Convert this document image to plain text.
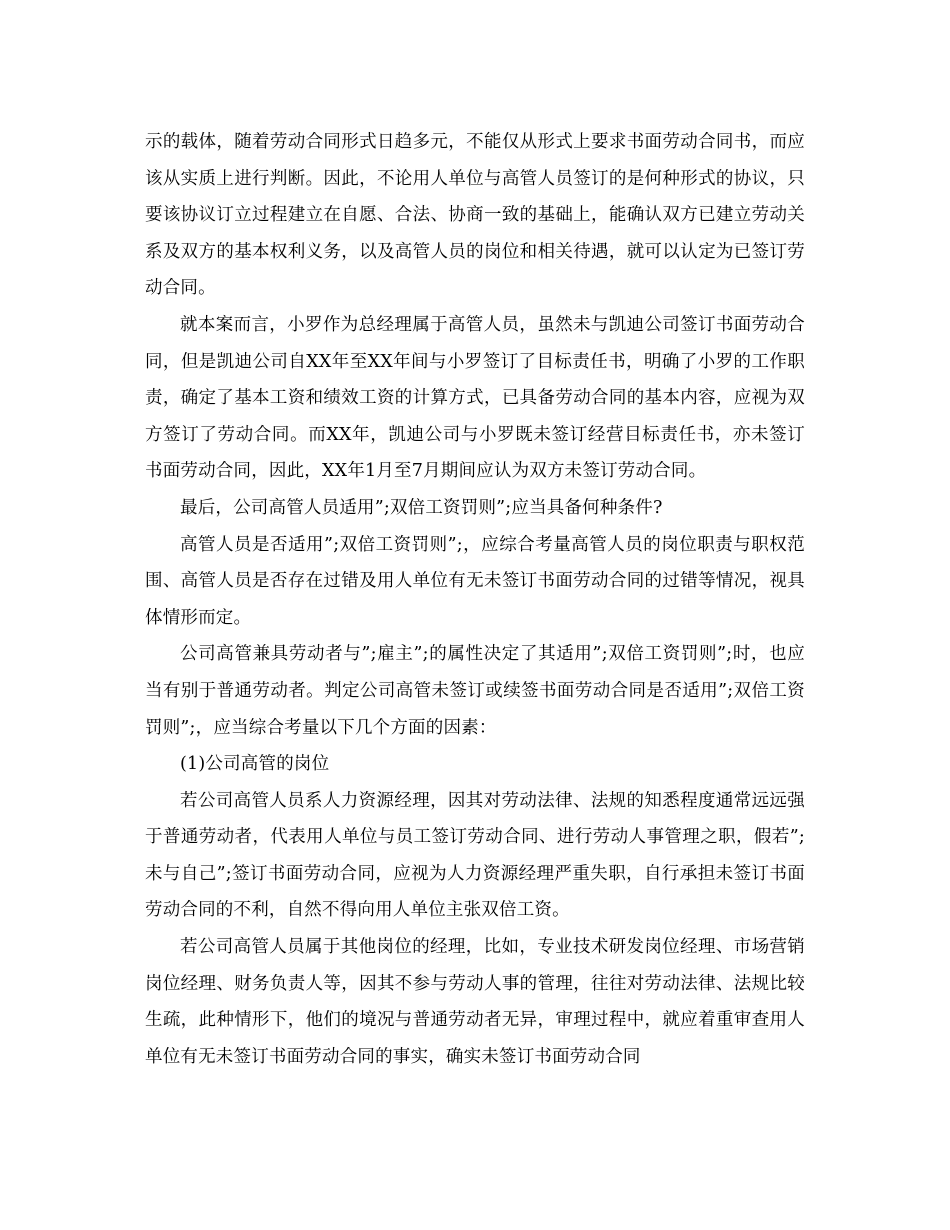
示的载体，随着劳动合同形式日趋多元，不能仅从形式上要求书面劳动合同书，而应该从实质上进行判断。因此，不论用人单位与高管人员签订的是何种形式的协议，只要该协议订立过程建立在自愿、合法、协商一致的基础上，能确认双方已建立劳动关系及双方的基本权利义务，以及高管人员的岗位和相关待遇，就可以认定为已签订劳动合同。

就本案而言，小罗作为总经理属于高管人员，虽然未与凯迪公司签订书面劳动合同，但是凯迪公司自XX年至XX年间与小罗签订了目标责任书，明确了小罗的工作职责，确定了基本工资和绩效工资的计算方式，已具备劳动合同的基本内容，应视为双方签订了劳动合同。而XX年，凯迪公司与小罗既未签订经营目标责任书，亦未签订书面劳动合同，因此，XX年1月至7月期间应认为双方未签订劳动合同。

最后，公司高管人员适用”;双倍工资罚则”;应当具备何种条件?

高管人员是否适用”;双倍工资罚则”;，应综合考量高管人员的岗位职责与职权范围、高管人员是否存在过错及用人单位有无未签订书面劳动合同的过错等情况，视具体情形而定。

公司高管兼具劳动者与”;雇主”;的属性决定了其适用”;双倍工资罚则”;时，也应当有别于普通劳动者。判定公司高管未签订或续签书面劳动合同是否适用”;双倍工资罚则”;，应当综合考量以下几个方面的因素：

(1)公司高管的岗位

若公司高管人员系人力资源经理，因其对劳动法律、法规的知悉程度通常远远强于普通劳动者，代表用人单位与员工签订劳动合同、进行劳动人事管理之职，假若”;未与自己”;签订书面劳动合同，应视为人力资源经理严重失职，自行承担未签订书面劳动合同的不利，自然不得向用人单位主张双倍工资。

若公司高管人员属于其他岗位的经理，比如，专业技术研发岗位经理、市场营销岗位经理、财务负责人等，因其不参与劳动人事的管理，往往对劳动法律、法规比较生疏，此种情形下，他们的境况与普通劳动者无异，审理过程中，就应着重审查用人单位有无未签订书面劳动合同的事实，确实未签订书面劳动合同
